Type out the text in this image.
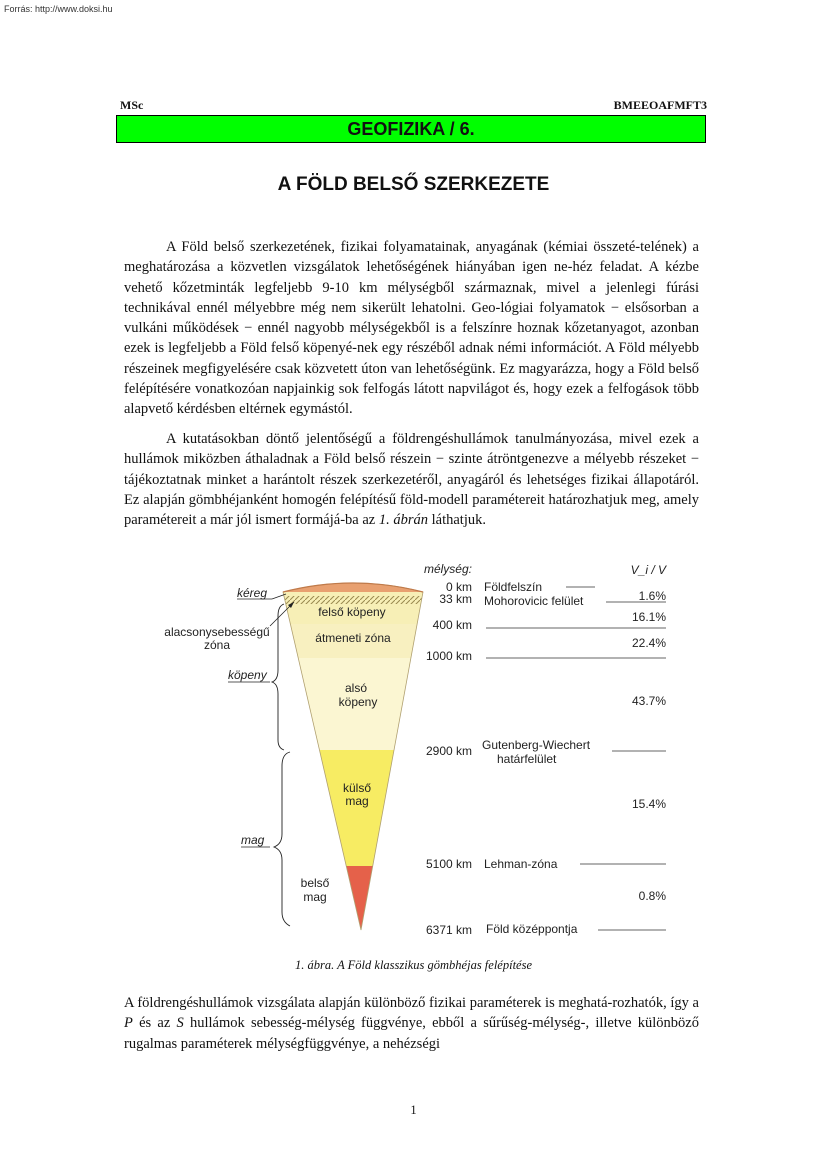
Forrás: http://www.doksi.hu
MSc	BMEEOAFMFT3
GEOFIZIKA / 6.
A FÖLD BELSŐ SZERKEZETE

A Föld belső szerkezetének, fizikai folyamatainak, anyagának (kémiai összeté-telének) a meghatározása a közvetlen vizsgálatok lehetőségének hiányában igen ne-héz feladat. A kézbe vehető kőzetminták legfeljebb 9-10 km mélységből származnak, mivel a jelenlegi fúrási technikával ennél mélyebbre még nem sikerült lehatolni. Geo-lógiai folyamatok − elsősorban a vulkáni működések − ennél nagyobb mélységekből is a felszínre hoznak kőzetanyagot, azonban ezek is legfeljebb a Föld felső köpenyé-nek egy részéből adnak némi információt. A Föld mélyebb részeinek megfigyelésére csak közvetett úton van lehetőségünk. Ez magyarázza, hogy a Föld belső felépítésére vonatkozóan napjainkig sok felfogás látott napvilágot és, hogy ezek a felfogások több alapvető kérdésben eltérnek egymástól.

A kutatásokban döntő jelentőségű a földrengéshullámok tanulmányozása, mivel ezek a hullámok miközben áthaladnak a Föld belső részein − szinte átröntgenezve a mélyebb részeket − tájékoztatnak minket a harántolt részek szerkezetéről, anyagáról és lehetséges fizikai állapotáról. Ez alapján gömbhéjanként homogén felépítésű föld-modell paramétereit határozhatjuk meg, amely paramétereit a már jól ismert formájá-ba az 1. ábrán láthatjuk.

felső köpeny
átmeneti zóna
alsó
köpeny
külső
mag
belső
mag
kéreg
alacsonysebességű
zóna
köpeny
mag
mélység:
0 km
33 km
400 km
1000 km
2900 km
5100 km
6371 km
Földfelszín
Mohorovicic felület
Gutenberg-Wiechert
határfelület
Lehman-zóna
Föld középpontja
V_i / V
1.6%
16.1%
22.4%
43.7%
15.4%
0.8%
1. ábra. A Föld klasszikus gömbhéjas felépítése

A földrengéshullámok vizsgálata alapján különböző fizikai paraméterek is meghatá-rozhatók, így a P és az S hullámok sebesség-mélység függvénye, ebből a sűrűség-mélység-, illetve különböző rugalmas paraméterek mélységfüggvénye, a nehézségi

1
